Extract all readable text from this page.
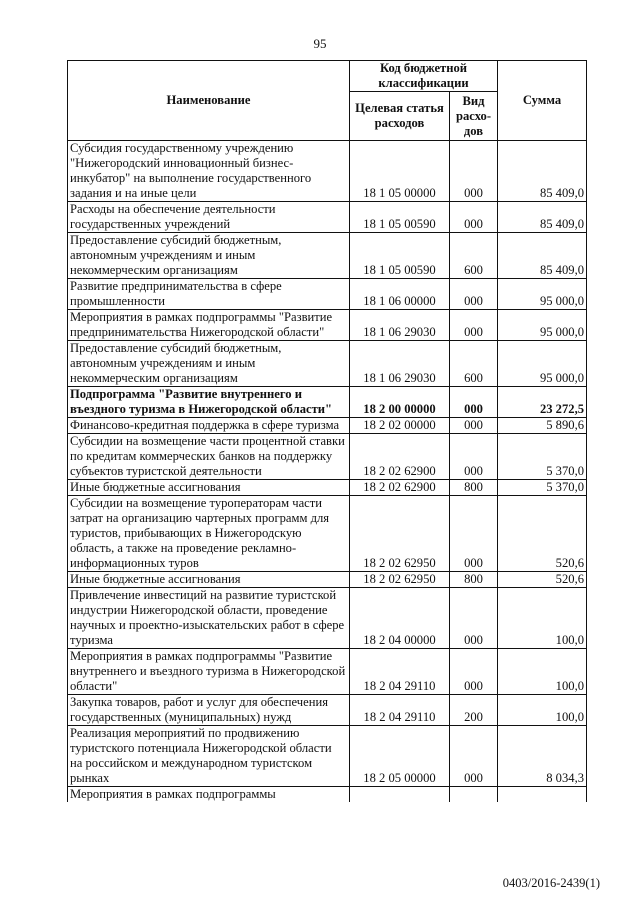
95
Наименование	Код бюджетной классификации		Сумма
	Целевая статья расходов	Вид расхо-дов	
Субсидия государственному учреждению "Нижегородский инновационный бизнес-инкубатор" на выполнение государственного задания и на иные цели	18 1 05 00000	000	85 409,0
Расходы на обеспечение деятельности государственных учреждений	18 1 05 00590	000	85 409,0
Предоставление субсидий бюджетным, автономным учреждениям и иным некоммерческим организациям	18 1 05 00590	600	85 409,0
Развитие предпринимательства в сфере промышленности	18 1 06 00000	000	95 000,0
Мероприятия в рамках подпрограммы "Развитие предпринимательства Нижегородской области"	18 1 06 29030	000	95 000,0
Предоставление субсидий бюджетным, автономным учреждениям и иным некоммерческим организациям	18 1 06 29030	600	95 000,0
Подпрограмма "Развитие внутреннего и въездного туризма в Нижегородской области"	18 2 00 00000	000	23 272,5
Финансово-кредитная поддержка в сфере туризма	18 2 02 00000	000	5 890,6
Субсидии на возмещение части процентной ставки по кредитам коммерческих банков на поддержку субъектов туристской деятельности	18 2 02 62900	000	5 370,0
Иные бюджетные ассигнования	18 2 02 62900	800	5 370,0
Субсидии на возмещение туроператорам части затрат на организацию чартерных программ для туристов, прибывающих в Нижегородскую область, а также на проведение рекламно-информационных туров	18 2 02 62950	000	520,6
Иные бюджетные ассигнования	18 2 02 62950	800	520,6
Привлечение инвестиций на развитие туристской индустрии Нижегородской области, проведение научных и проектно-изыскательских работ в сфере туризма	18 2 04 00000	000	100,0
Мероприятия в рамках подпрограммы "Развитие внутреннего и въездного туризма в Нижегородской области"	18 2 04 29110	000	100,0
Закупка товаров, работ и услуг для обеспечения государственных (муниципальных) нужд	18 2 04 29110	200	100,0
Реализация мероприятий по продвижению туристского потенциала Нижегородской области на российском и международном туристском рынках	18 2 05 00000	000	8 034,3
Мероприятия в рамках подпрограммы			
0403/2016-2439(1)
